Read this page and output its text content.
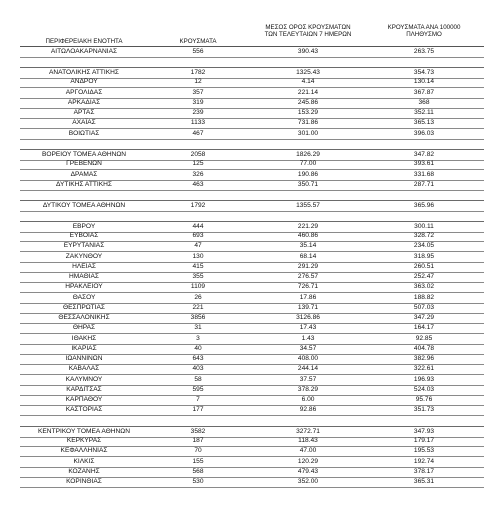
ΠΕΡΙΦΕΡΕΙΑΚΗ ΕΝΟΤΗΤΑ	ΚΡΟΥΣΜΑΤΑ
ΜΕΣΟΣ ΟΡΟΣ ΚΡΟΥΣΜΑΤΩΝ
ΤΩΝ ΤΕΛΕΥΤΑΙΩΝ 7 ΗΜΕΡΩΝ
ΚΡΟΥΣΜΑΤΑ ΑΝΑ 100000
ΠΛΗΘΥΣΜΟ
ΑΙΤΩΛΟΑΚΑΡΝΑΝΙΑΣ	556	390.43	263.75
ΑΝΑΤΟΛΙΚΗΣ ΑΤΤΙΚΗΣ	1782	1325.43	354.73
ΑΝΔΡΟΥ	12	4.14	130.14
ΑΡΓΟΛΙΔΑΣ	357	221.14	367.87
ΑΡΚΑΔΙΑΣ	319	245.86	368
ΑΡΤΑΣ	239	153.29	352.11
ΑΧΑΪΑΣ	1133	731.86	365.13
ΒΟΙΩΤΙΑΣ	467	301.00	396.03
ΒΟΡΕΙΟΥ ΤΟΜΕΑ ΑΘΗΝΩΝ	2058	1826.29	347.82
ΓΡΕΒΕΝΩΝ	125	77.00	393.61
ΔΡΑΜΑΣ	326	190.86	331.68
ΔΥΤΙΚΗΣ ΑΤΤΙΚΗΣ	463	350.71	287.71
ΔΥΤΙΚΟΥ ΤΟΜΕΑ ΑΘΗΝΩΝ	1792	1355.57	365.96
ΕΒΡΟΥ	444	221.29	300.11
ΕΥΒΟΙΑΣ	693	460.86	328.72
ΕΥΡΥΤΑΝΙΑΣ	47	35.14	234.05
ΖΑΚΥΝΘΟΥ	130	68.14	318.95
ΗΛΕΙΑΣ	415	291.29	260.51
ΗΜΑΘΙΑΣ	355	276.57	252.47
ΗΡΑΚΛΕΙΟΥ	1109	726.71	363.02
ΘΑΣΟΥ	26	17.86	188.82
ΘΕΣΠΡΩΤΙΑΣ	221	139.71	507.03
ΘΕΣΣΑΛΟΝΙΚΗΣ	3856	3126.86	347.29
ΘΗΡΑΣ	31	17.43	164.17
ΙΘΑΚΗΣ	3	1.43	92.85
ΙΚΑΡΙΑΣ	40	34.57	404.78
ΙΩΑΝΝΙΝΩΝ	643	408.00	382.96
ΚΑΒΑΛΑΣ	403	244.14	322.61
ΚΑΛΥΜΝΟΥ	58	37.57	196.93
ΚΑΡΔΙΤΣΑΣ	595	378.29	524.03
ΚΑΡΠΑΘΟΥ	7	6.00	95.76
ΚΑΣΤΟΡΙΑΣ	177	92.86	351.73
ΚΕΝΤΡΙΚΟΥ ΤΟΜΕΑ ΑΘΗΝΩΝ	3582	3272.71	347.93
ΚΕΡΚΥΡΑΣ	187	118.43	179.17
ΚΕΦΑΛΛΗΝΙΑΣ	70	47.00	195.53
ΚΙΛΚΙΣ	155	120.29	192.74
ΚΟΖΑΝΗΣ	568	479.43	378.17
ΚΟΡΙΝΘΙΑΣ	530	352.00	365.31
